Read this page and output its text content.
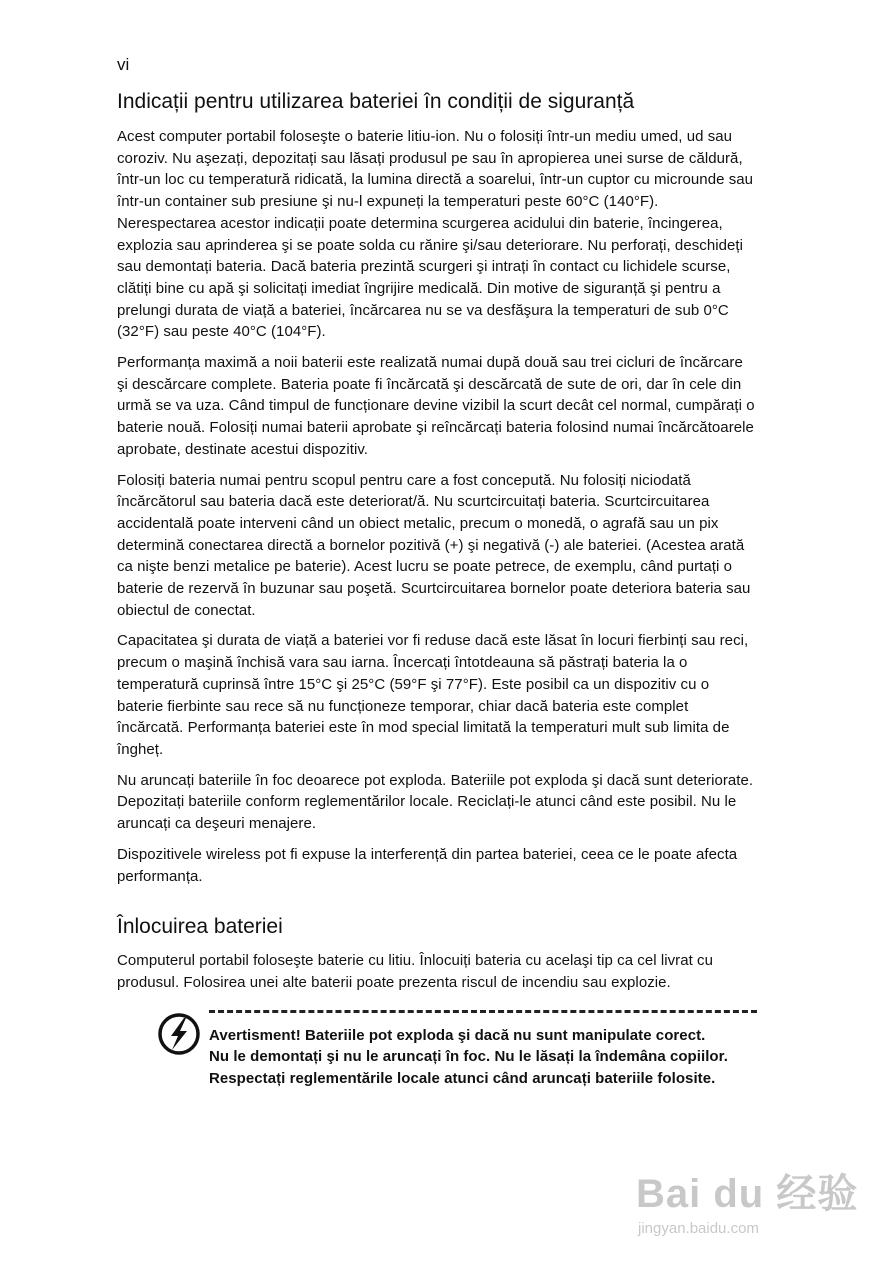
vi
Indicații pentru utilizarea bateriei în condiții de siguranță

Acest computer portabil foloseşte o baterie litiu-ion. Nu o folosiți într-un mediu umed, ud sau coroziv. Nu aşezați, depozitați sau lăsați produsul pe sau în apropierea unei surse de căldură, într-un loc cu temperatură ridicată, la lumina directă a soarelui, într-un cuptor cu microunde sau într-un container sub presiune şi nu-l expuneți la temperaturi peste 60°C (140°F). Nerespectarea acestor indicații poate determina scurgerea acidului din baterie, încingerea, explozia sau aprinderea şi se poate solda cu rănire şi/sau deteriorare. Nu perforați, deschideți sau demontați bateria. Dacă bateria prezintă scurgeri şi intrați în contact cu lichidele scurse, clătiți bine cu apă şi solicitați imediat îngrijire medicală. Din motive de siguranță şi pentru a prelungi durata de viață a bateriei, încărcarea nu se va desfăşura la temperaturi de sub 0°C (32°F) sau peste 40°C (104°F).

Performanța maximă a noii baterii este realizată numai după două sau trei cicluri de încărcare şi descărcare complete. Bateria poate fi încărcată şi descărcată de sute de ori, dar în cele din urmă se va uza. Când timpul de funcționare devine vizibil la scurt decât cel normal, cumpărați o baterie nouă. Folosiți numai baterii aprobate şi reîncărcați bateria folosind numai încărcătoarele aprobate, destinate acestui dispozitiv.

Folosiți bateria numai pentru scopul pentru care a fost concepută. Nu folosiți niciodată încărcătorul sau bateria dacă este deteriorat/ă. Nu scurtcircuitați bateria. Scurtcircuitarea accidentală poate interveni când un obiect metalic, precum o monedă, o agrafă sau un pix determină conectarea directă a bornelor pozitivă (+) şi negativă (-) ale bateriei. (Acestea arată ca nişte benzi metalice pe baterie). Acest lucru se poate petrece, de exemplu, când purtați o baterie de rezervă în buzunar sau poşetă. Scurtcircuitarea bornelor poate deteriora bateria sau obiectul de conectat.

Capacitatea şi durata de viață a bateriei vor fi reduse dacă este lăsat în locuri fierbinți sau reci, precum o maşină închisă vara sau iarna. Încercați întotdeauna să păstrați bateria la o temperatură cuprinsă între 15°C şi 25°C (59°F şi 77°F). Este posibil ca un dispozitiv cu o baterie fierbinte sau rece să nu funcționeze temporar, chiar dacă bateria este complet încărcată. Performanța bateriei este în mod special limitată la temperaturi mult sub limita de îngheț.

Nu aruncați bateriile în foc deoarece pot exploda. Bateriile pot exploda şi dacă sunt deteriorate. Depozitați bateriile conform reglementărilor locale. Reciclați-le atunci când este posibil. Nu le aruncați ca deşeuri menajere.

Dispozitivele wireless pot fi expuse la interferență din partea bateriei, ceea ce le poate afecta performanța.

Înlocuirea bateriei

Computerul portabil foloseşte baterie cu litiu. Înlocuiți bateria cu acelaşi tip ca cel livrat cu produsul. Folosirea unei alte baterii poate prezenta riscul de incendiu sau explozie.

Avertisment! Bateriile pot exploda şi dacă nu sunt manipulate corect. Nu le demontați şi nu le aruncați în foc. Nu le lăsați la îndemâna copiilor. Respectați reglementările locale atunci când aruncați bateriile folosite.

Bai du 经验
jingyan.baidu.com
